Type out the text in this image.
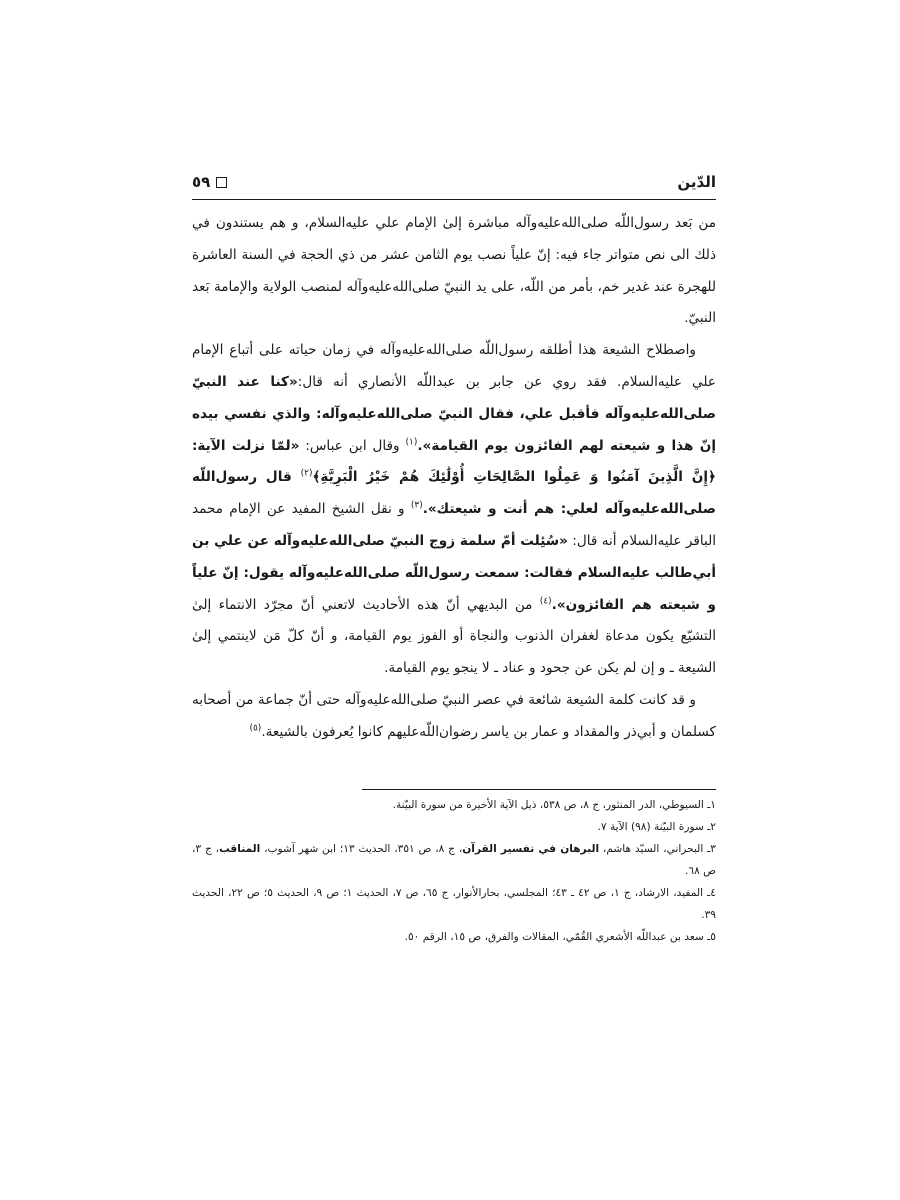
الدّين
٥٩

من بَعد رسول‌اللّه صلى‌الله‌عليه‌وآله مباشرة إلىٰ الإمام علي عليه‌السلام، و هم يستندون في ذلك الى نص متواتر جاء فيه: إنّ علياً نصب يوم الثامن عشر من ذي الحجة في السنة العاشرة للهجرة عند غدير خم، بأمر من اللّه، على يد النبيّ صلى‌الله‌عليه‌وآله لمنصب الولاية والإمامة بَعد النبيّ.

واصطلاح الشيعة هذا أطلقه رسول‌اللّه صلى‌الله‌عليه‌وآله في زمان حياته على أتباع الإمام علي عليه‌السلام. فقد روي عن جابر بن عبداللّه الأنصاري أنه قال:«كنا عند النبيّ صلى‌الله‌عليه‌وآله فأقبل علي، فقال النبيّ صلى‌الله‌عليه‌وآله: والذي نفسي بيده إنّ هذا و شيعته لهم الفائزون يوم القيامة».$^{(١)}$ وقال ابن عباس: «لمّا نزلت الآية: ﴿إِنَّ الَّذِينَ آمَنُوا وَ عَمِلُوا الصَّالِحَاتِ أُوْلَٰئِكَ هُمْ خَيْرُ الْبَرِيَّةِ﴾$^{(٢)}$ قال رسول‌اللّه صلى‌الله‌عليه‌وآله لعلي: هم أنت و شيعتك».$^{(٣)}$ و نقل الشيخ المفيد عن الإمام محمد الباقر عليه‌السلام أنه قال: «سُئِلت أمّ سلمة زوج النبيّ صلى‌الله‌عليه‌وآله عن علي بن أبي‌طالب عليه‌السلام فقالت: سمعت رسول‌اللّه صلى‌الله‌عليه‌وآله يقول: إنّ علياً و شيعته هم الفائزون».$^{(٤)}$ من البديهي أنّ هذه الأحاديث لاتعني أنّ مجرّد الانتماء إلىٰ التشيّع يكون مدعاة لغفران الذنوب والنجاة أو الفوز يوم القيامة، و أنّ كلّ مَن لاينتمي إلىٰ الشيعة ـ و إن لم يكن عن جحود و عناد ـ لا ينجو يوم القيامة.

و قد كانت كلمة الشيعة شائعة في عصر النبيّ صلى‌الله‌عليه‌وآله حتى أنّ جماعة من أصحابه كسلمان و أبي‌ذر والمقداد و عمار بن ياسر رضوان‌اللّه‌عليهم كانوا يُعرفون بالشيعة.$^{(٥)}$

١ـ السيوطي، الدر المنثور، ج ٨، ص ٥٣٨، ذيل الآية الأخيرة من سورة البيّنة.

٢ـ سورة البيّنة (٩٨) الآية ٧.

٣ـ البحراني، السيّد هاشم، البرهان في تفسير القرآن، ج ٨، ص ٣٥١، الحديث ١٣؛ ابن شهر آشوب، المناقب، ج ٣، ص ٦٨.

٤ـ المفيد، الارشاد، ج ١، ص ٤٢ ـ ٤٣؛ المجلسي، بحارالأنوار، ج ٦٥، ص ٧، الحديث ١؛ ص ٩، الحديث ٥؛ ص ٢٢، الحديث ٣٩.

٥ـ سعد بن عبداللّه الأشعري القُمّي، المقالات والفرق، ص ١٥، الرقم ٥٠.
